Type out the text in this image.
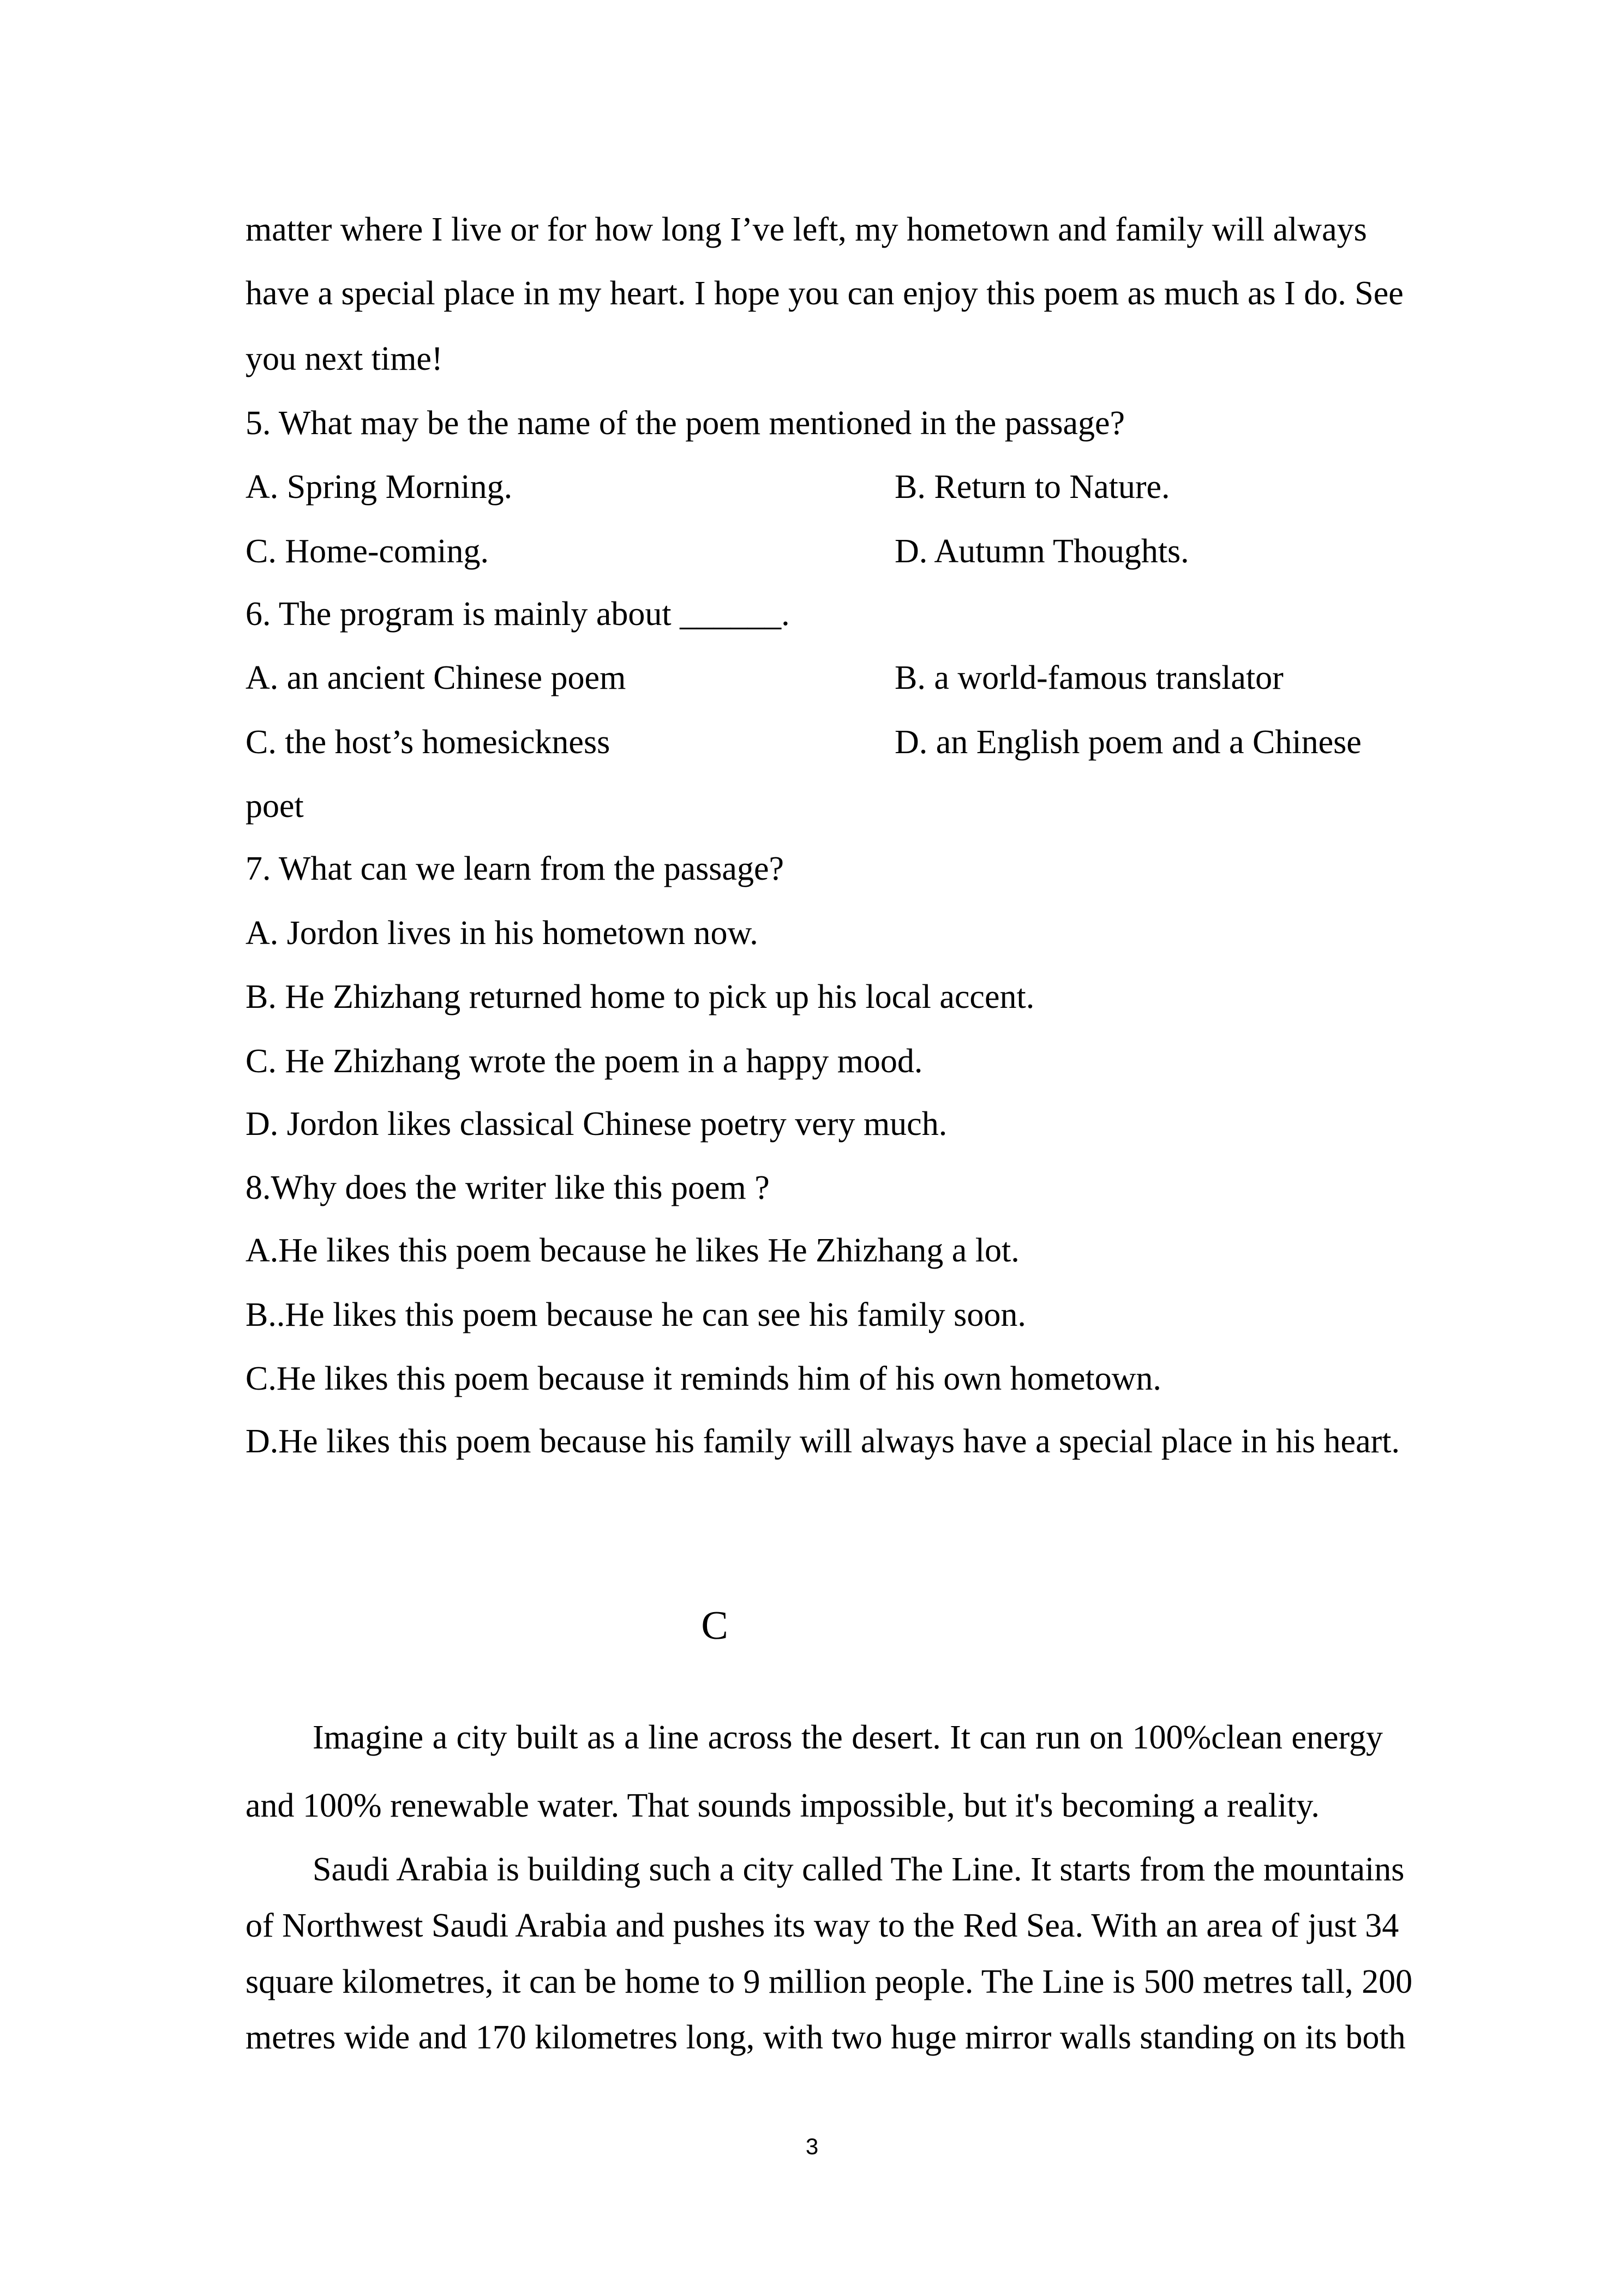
matter where I live or for how long I’ve left, my hometown and family will always
have a special place in my heart. I hope you can enjoy this poem as much as I do. See
you next time!
5. What may be the name of the poem mentioned in the passage?
A. Spring Morning.	B. Return to Nature.
C. Home-coming.	D. Autumn Thoughts.
6. The program is mainly about ______.
A. an ancient Chinese poem	B. a world-famous translator
C. the host’s homesickness	D. an English poem and a Chinese
poet
7. What can we learn from the passage?
A. Jordon lives in his hometown now.
B. He Zhizhang returned home to pick up his local accent.
C. He Zhizhang wrote the poem in a happy mood.
D. Jordon likes classical Chinese poetry very much.
8.Why does the writer like this poem ?
A.He likes this poem because he likes He Zhizhang a lot.
B..He likes this poem because he can see his family soon.
C.He likes this poem because it reminds him of his own hometown.
D.He likes this poem because his family will always have a special place in his heart.
C
Imagine a city built as a line across the desert. It can run on 100%clean energy
and 100% renewable water. That sounds impossible, but it's becoming a reality.
Saudi Arabia is building such a city called The Line. It starts from the mountains
of Northwest Saudi Arabia and pushes its way to the Red Sea. With an area of just 34
square kilometres, it can be home to 9 million people. The Line is 500 metres tall, 200
metres wide and 170 kilometres long, with two huge mirror walls standing on its both
3
